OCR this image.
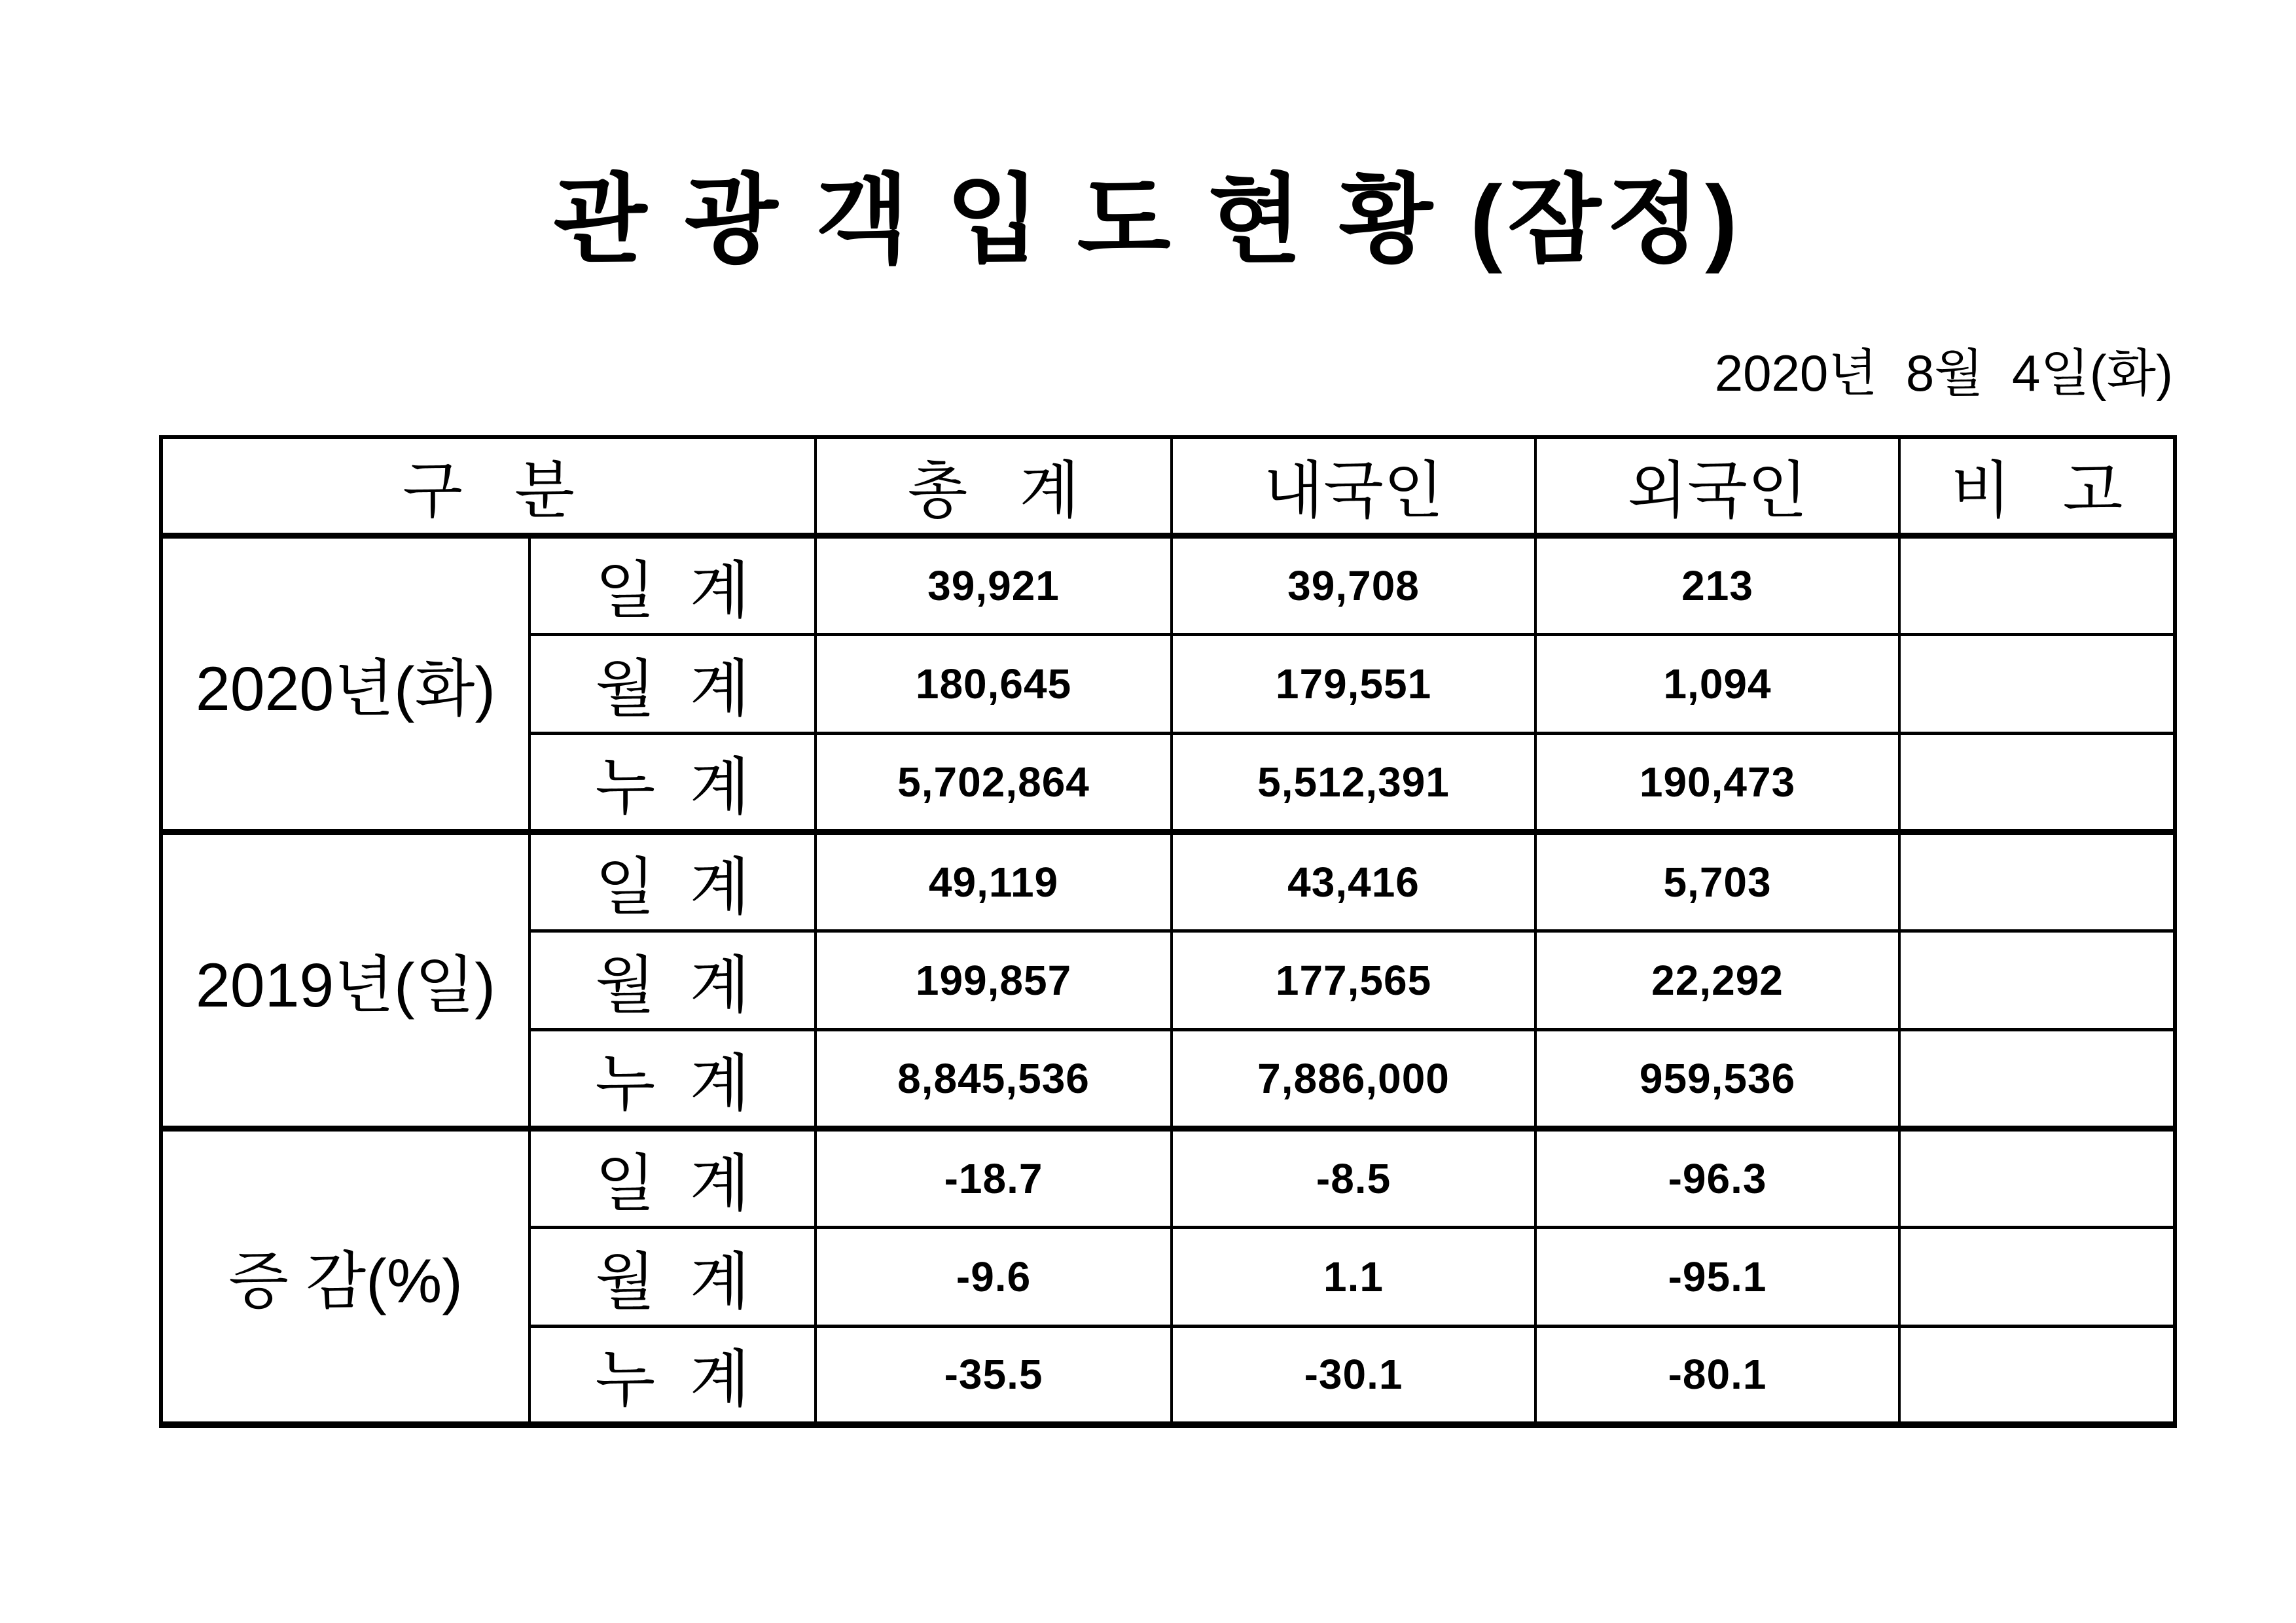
관 광 객 입 도 현 황 (잠정)
2020년  8월  4일(화)
구   분		총   계	내국인	외국인	비   고
2020년(화)	일  계	39,921	39,708	213	
	월  계	180,645	179,551	1,094	
	누  계	5,702,864	5,512,391	190,473	
2019년(일)	일  계	49,119	43,416	5,703	
	월  계	199,857	177,565	22,292	
	누  계	8,845,536	7,886,000	959,536	
증 감(%)	일  계	-18.7	-8.5	-96.3	
	월  계	-9.6	1.1	-95.1	
	누  계	-35.5	-30.1	-80.1	
